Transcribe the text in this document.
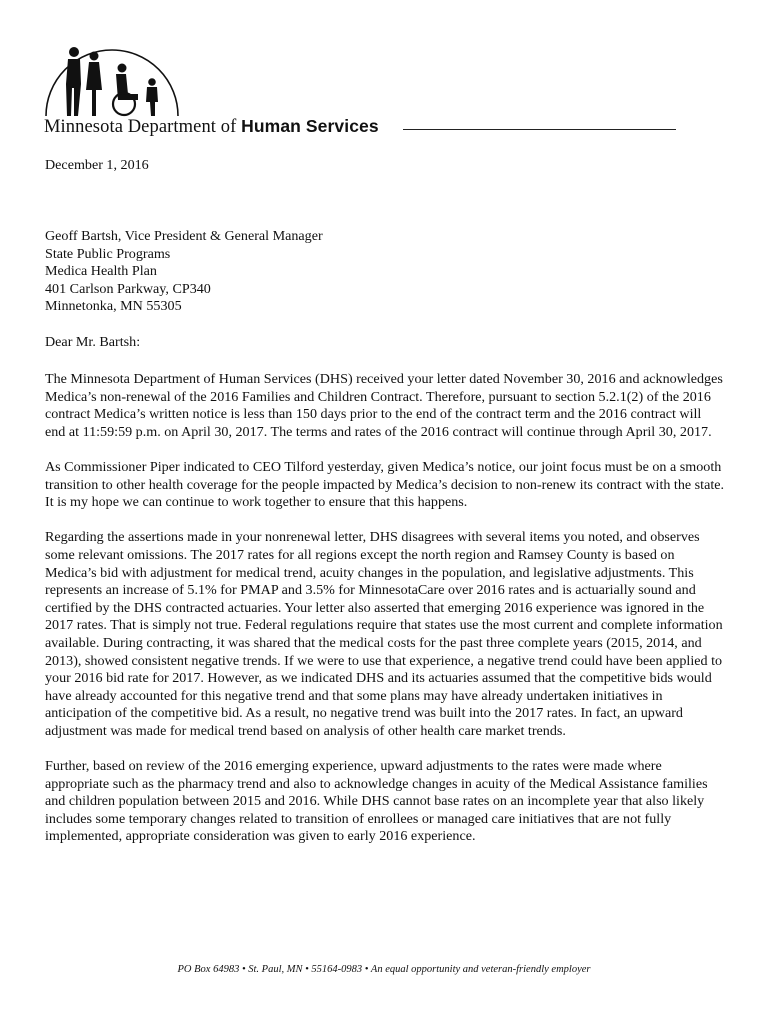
Minnesota Department of Human Services

December 1, 2016

Geoff Bartsh, Vice President & General Manager

State Public Programs

Medica Health Plan

401 Carlson Parkway, CP340

Minnetonka, MN 55305

Dear Mr. Bartsh:

The Minnesota Department of Human Services (DHS) received your letter dated November 30, 2016 and acknowledges Medica’s non-renewal of the 2016 Families and Children Contract. Therefore, pursuant to section 5.2.1(2) of the 2016 contract Medica’s written notice is less than 150 days prior to the end of the contract term and the 2016 contract will end at 11:59:59 p.m. on April 30, 2017. The terms and rates of the 2016 contract will continue through April 30, 2017.

As Commissioner Piper indicated to CEO Tilford yesterday, given Medica’s notice, our joint focus must be on a smooth transition to other health coverage for the people impacted by Medica’s decision to non-renew its contract with the state. It is my hope we can continue to work together to ensure that this happens.

Regarding the assertions made in your nonrenewal letter, DHS disagrees with several items you noted, and observes some relevant omissions. The 2017 rates for all regions except the north region and Ramsey County is based on Medica’s bid with adjustment for medical trend, acuity changes in the population, and legislative adjustments. This represents an increase of 5.1% for PMAP and 3.5% for MinnesotaCare over 2016 rates and is actuarially sound and certified by the DHS contracted actuaries. Your letter also asserted that emerging 2016 experience was ignored in the 2017 rates. That is simply not true. Federal regulations require that states use the most current and complete information available. During contracting, it was shared that the medical costs for the past three complete years (2015, 2014, and 2013), showed consistent negative trends. If we were to use that experience, a negative trend could have been applied to your 2016 bid rate for 2017. However, as we indicated DHS and its actuaries assumed that the competitive bids would have already accounted for this negative trend and that some plans may have already undertaken initiatives in anticipation of the competitive bid. As a result, no negative trend was built into the 2017 rates. In fact, an upward adjustment was made for medical trend based on analysis of other health care market trends.

Further, based on review of the 2016 emerging experience, upward adjustments to the rates were made where appropriate such as the pharmacy trend and also to acknowledge changes in acuity of the Medical Assistance families and children population between 2015 and 2016. While DHS cannot base rates on an incomplete year that also likely includes some temporary changes related to transition of enrollees or managed care initiatives that are not fully implemented, appropriate consideration was given to early 2016 experience.

PO Box 64983 • St. Paul, MN • 55164-0983 • An equal opportunity and veteran-friendly employer
